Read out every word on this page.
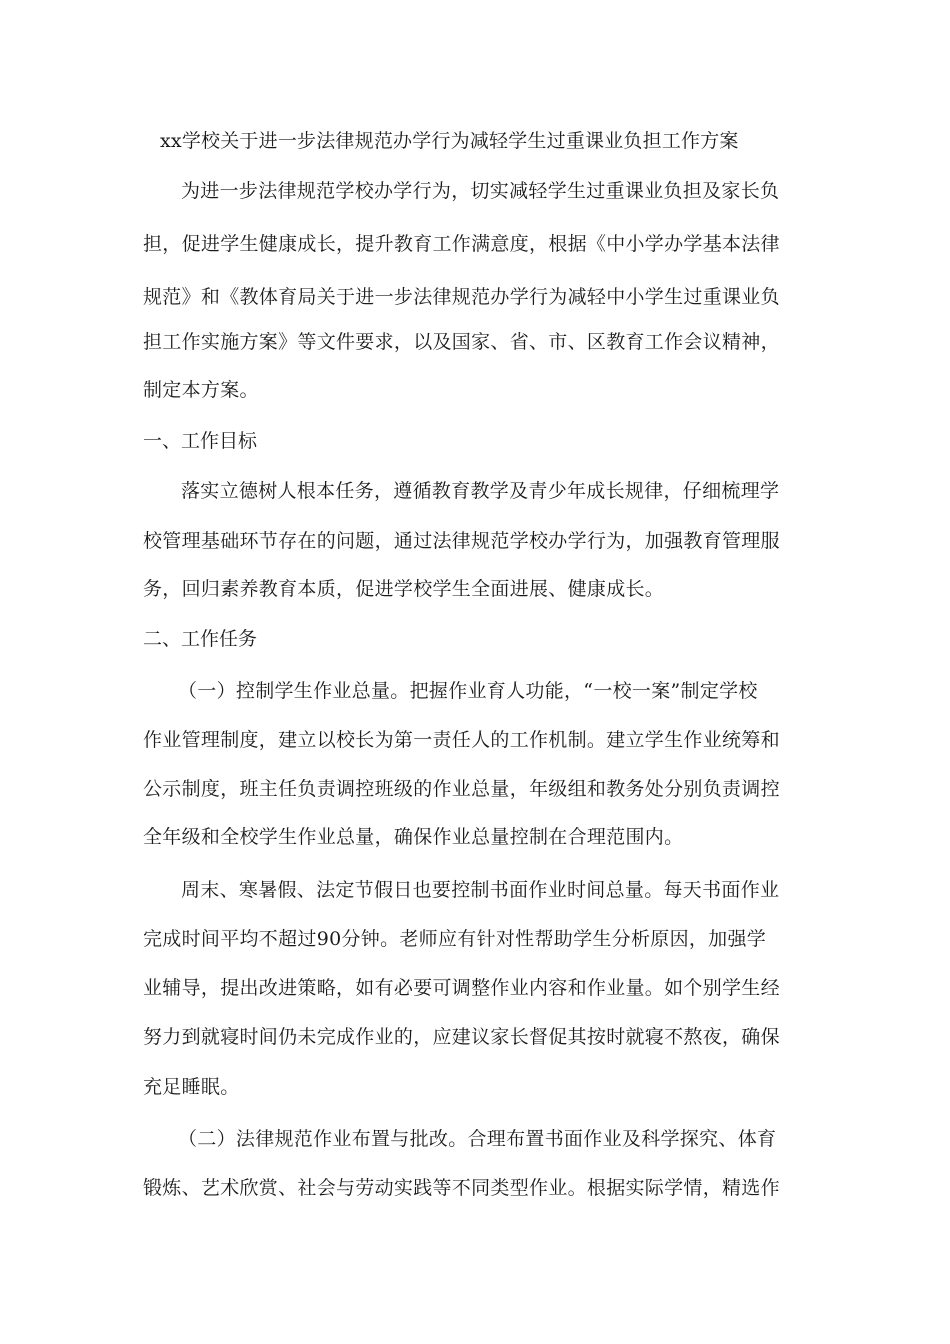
xx学校关于进一步法律规范办学行为减轻学生过重课业负担工作方案
为进一步法律规范学校办学行为，切实减轻学生过重课业负担及家长负
担，促进学生健康成长，提升教育工作满意度，根据《中小学办学基本法律
规范》和《教体育局关于进一步法律规范办学行为减轻中小学生过重课业负
担工作实施方案》等文件要求，以及国家、省、市、区教育工作会议精神，
制定本方案。
一、工作目标
落实立德树人根本任务，遵循教育教学及青少年成长规律，仔细梳理学
校管理基础环节存在的问题，通过法律规范学校办学行为，加强教育管理服
务，回归素养教育本质，促进学校学生全面进展、健康成长。
二、工作任务
（一）控制学生作业总量。把握作业育人功能，“一校一案”制定学校
作业管理制度，建立以校长为第一责任人的工作机制。建立学生作业统筹和
公示制度，班主任负责调控班级的作业总量，年级组和教务处分别负责调控
全年级和全校学生作业总量，确保作业总量控制在合理范围内。
周末、寒暑假、法定节假日也要控制书面作业时间总量。每天书面作业
完成时间平均不超过90分钟。老师应有针对性帮助学生分析原因，加强学
业辅导，提出改进策略，如有必要可调整作业内容和作业量。如个别学生经
努力到就寝时间仍未完成作业的，应建议家长督促其按时就寝不熬夜，确保
充足睡眠。
（二）法律规范作业布置与批改。合理布置书面作业及科学探究、体育
锻炼、艺术欣赏、社会与劳动实践等不同类型作业。根据实际学情，精选作
